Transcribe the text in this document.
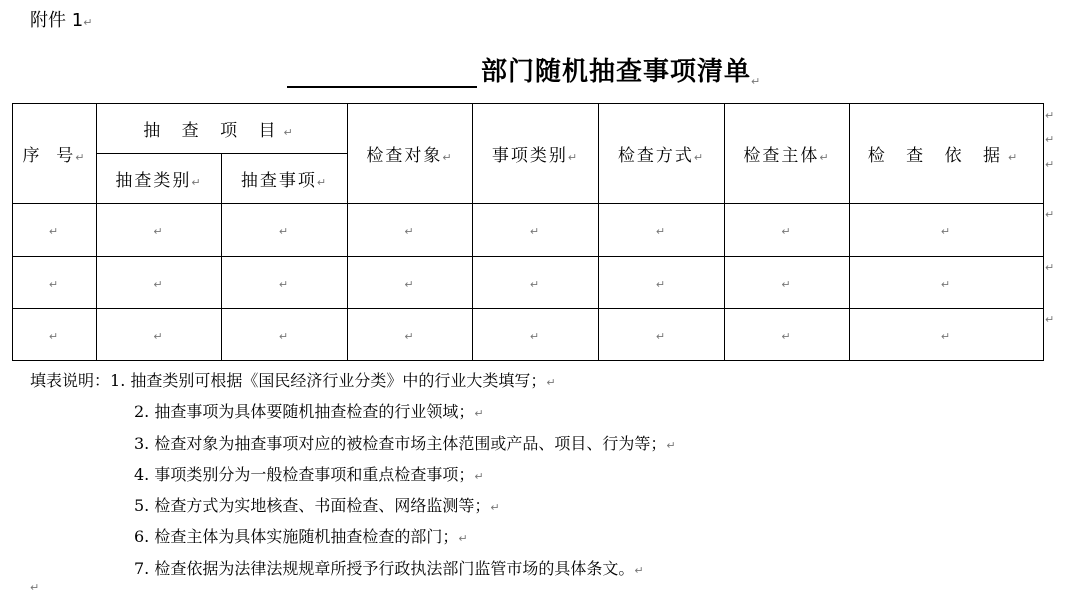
附件 1↵
部门随机抽查事项清单 ↵
序  号↵	抽 查 项 目↵		检查对象↵	事项类别↵	检查方式↵	检查主体↵	检 查 依 据↵
	抽查类别↵	抽查事项↵					
↵	↵	↵	↵	↵	↵	↵	↵
↵	↵	↵	↵	↵	↵	↵	↵
↵	↵	↵	↵	↵	↵	↵	↵
↵
↵
↵
↵
↵
↵
填表说明：1. 抽查类别可根据《国民经济行业分类》中的行业大类填写；↵
2. 抽查事项为具体要随机抽查检查的行业领域；↵
3. 检查对象为抽查事项对应的被检查市场主体范围或产品、项目、行为等；↵
4. 事项类别分为一般检查事项和重点检查事项；↵
5. 检查方式为实地核查、书面检查、网络监测等；↵
6. 检查主体为具体实施随机抽查检查的部门；↵
7. 检查依据为法律法规规章所授予行政执法部门监管市场的具体条文。↵
↵
